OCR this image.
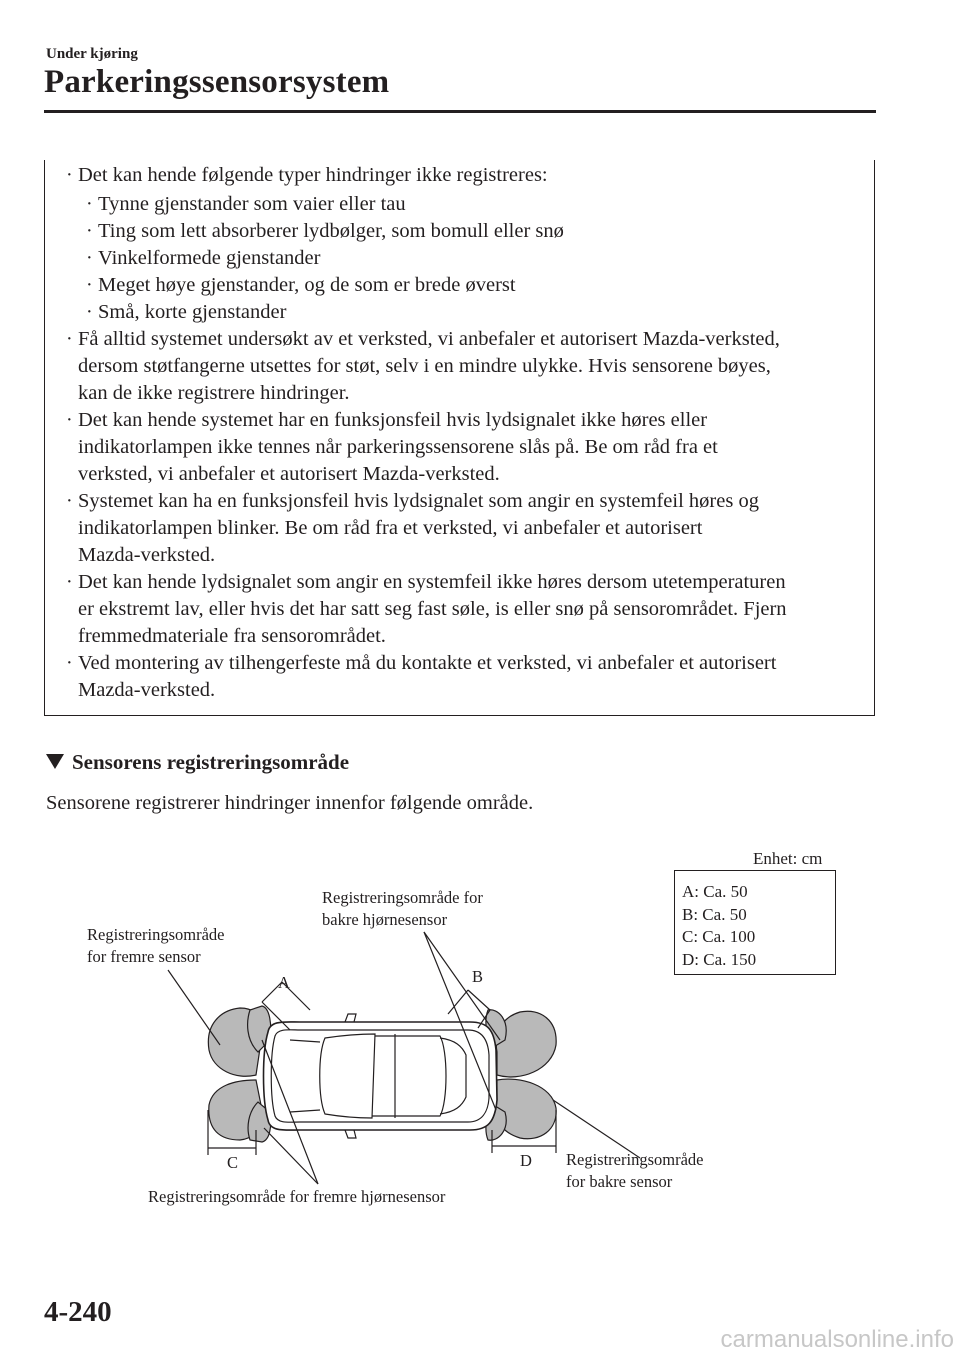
Under kjøring
Parkeringssensorsystem
· Det kan hende følgende typer hindringer ikke registreres:
· Tynne gjenstander som vaier eller tau
· Ting som lett absorberer lydbølger, som bomull eller snø
· Vinkelformede gjenstander
· Meget høye gjenstander, og de som er brede øverst
· Små, korte gjenstander
· Få alltid systemet undersøkt av et verksted, vi anbefaler et autorisert Mazda-verksted,
dersom støtfangerne utsettes for støt, selv i en mindre ulykke. Hvis sensorene bøyes,
kan de ikke registrere hindringer.
· Det kan hende systemet har en funksjonsfeil hvis lydsignalet ikke høres eller
indikatorlampen ikke tennes når parkeringssensorene slås på. Be om råd fra et
verksted, vi anbefaler et autorisert Mazda-verksted.
· Systemet kan ha en funksjonsfeil hvis lydsignalet som angir en systemfeil høres og
indikatorlampen blinker. Be om råd fra et verksted, vi anbefaler et autorisert
Mazda-verksted.
· Det kan hende lydsignalet som angir en systemfeil ikke høres dersom utetemperaturen
er ekstremt lav, eller hvis det har satt seg fast søle, is eller snø på sensorområdet. Fjern
fremmedmateriale fra sensorområdet.
· Ved montering av tilhengerfeste må du kontakte et verksted, vi anbefaler et autorisert
Mazda-verksted.
Sensorens registreringsområde
Sensorene registrerer hindringer innenfor følgende område.
Enhet: cm
A: Ca. 50
B: Ca. 50
C: Ca. 100
D: Ca. 150
Registreringsområde
for fremre sensor
Registreringsområde for
bakre hjørnesensor
Registreringsområde for fremre hjørnesensor
Registreringsområde
for bakre sensor
A	B
C	D
4-240
carmanualsonline.info
